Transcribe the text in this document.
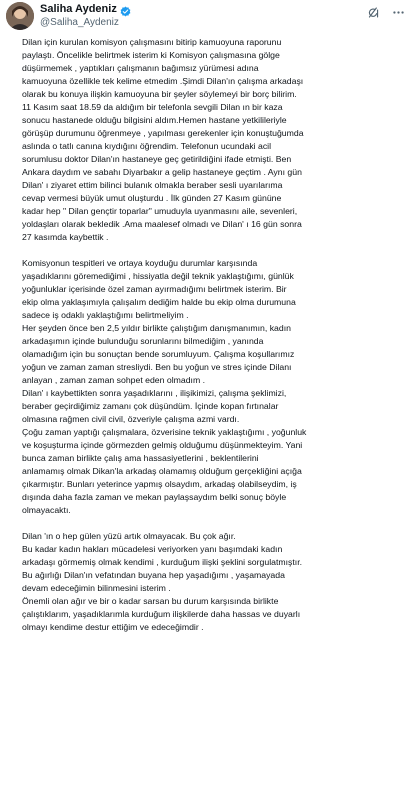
Saliha Aydeniz
@Saliha_Aydeniz

Dilan için kurulan komisyon çalışmasını bitirip kamuoyuna raporunu
paylaştı. Öncelikle belirtmek isterim ki Komisyon çalışmasına gölge
düşürmemek , yaptıkları çalışmanın bağımsız yürümesi adına
kamuoyuna özellikle tek kelime etmedim .Şimdi Dilan'ın çalışma arkadaşı
olarak bu konuya ilişkin kamuoyuna bir şeyler söylemeyi bir borç bilirim.
11 Kasım saat 18.59 da aldığım bir telefonla sevgili Dilan ın bir kaza
sonucu hastanede olduğu bilgisini aldım.Hemen hastane yetkilileriyle
görüşüp durumunu öğrenmeye , yapılması gerekenler için konuştuğumda
aslında o tatlı canına kıydığını öğrendim. Telefonun ucundaki acil
sorumlusu doktor Dilan'ın hastaneye geç getirildiğini ifade etmişti. Ben
Ankara daydım ve sabahı Diyarbakır a gelip hastaneye geçtim . Aynı gün
Dilan' ı ziyaret ettim bilinci bulanık olmakla beraber sesli uyarılarıma
cevap vermesi büyük umut oluşturdu . İlk günden 27 Kasım gününe
kadar hep " Dilan gençtir toparlar" umuduyla uyanmasını aile, sevenleri,
yoldaşları olarak bekledik .Ama maalesef olmadı ve Dilan' ı 16 gün sonra
27 kasımda kaybettik .

Komisyonun tespitleri ve ortaya koyduğu durumlar karşısında
yaşadıklarını göremediğimi , hissiyatla değil teknik yaklaştığımı, günlük
yoğunluklar içerisinde özel zaman ayırmadığımı belirtmek isterim. Bir
ekip olma yaklaşımıyla çalışalım dediğim halde bu ekip olma durumuna
sadece iş odaklı yaklaştığımı belirtmeliyim .
Her şeyden önce ben 2,5 yıldır birlikte çalıştığım danışmanımın, kadın
arkadaşımın içinde bulunduğu sorunlarını bilmediğim , yanında
olamadığım için bu sonuçtan bende sorumluyum. Çalışma koşullarımız
yoğun ve zaman zaman stresliydi. Ben bu yoğun ve stres içinde Dilanı
anlayan , zaman zaman sohpet eden olmadım .
Dilan' ı kaybettikten sonra yaşadıklarını , ilişikimizi, çalışma şeklimizi,
beraber geçirdiğimiz zamanı çok düşündüm. İçinde kopan fırtınalar
olmasına rağmen civil civil, özveriyle çalışma azmi vardı.
Çoğu zaman yaptığı çalışmalara, özverisine teknik yaklaştığımı , yoğunluk
ve koşuşturma içinde görmezden gelmiş olduğumu düşünmekteyim. Yani
bunca zaman birlikte çalış ama hassasiyetlerini , beklentilerini
anlamamış olmak Dikan'la arkadaş olamamış olduğum gerçekliğini açığa
çıkarmıştır. Bunları yeterince yapmış olsaydım, arkadaş olabilseydim, iş
dışında daha fazla zaman ve mekan paylaşsaydım belki sonuç böyle
olmayacaktı.

Dilan 'ın o hep gülen yüzü artık olmayacak. Bu çok ağır.
Bu kadar kadın hakları mücadelesi veriyorken yanı başımdaki kadın
arkadaşı görmemiş olmak kendimi , kurduğum ilişki şeklini sorgulatmıştır.
Bu ağırlığı Dilan'ın vefatından buyana hep yaşadığımı , yaşamayada
devam edeceğimin bilinmesini isterim .
Önemli olan ağır ve bir o kadar sarsan bu durum karşısında birlikte
çalıştıklarım, yaşadıklarımla kurduğum ilişkilerde daha hassas ve duyarlı
olmayı kendime destur ettiğim ve edeceğimdir .
